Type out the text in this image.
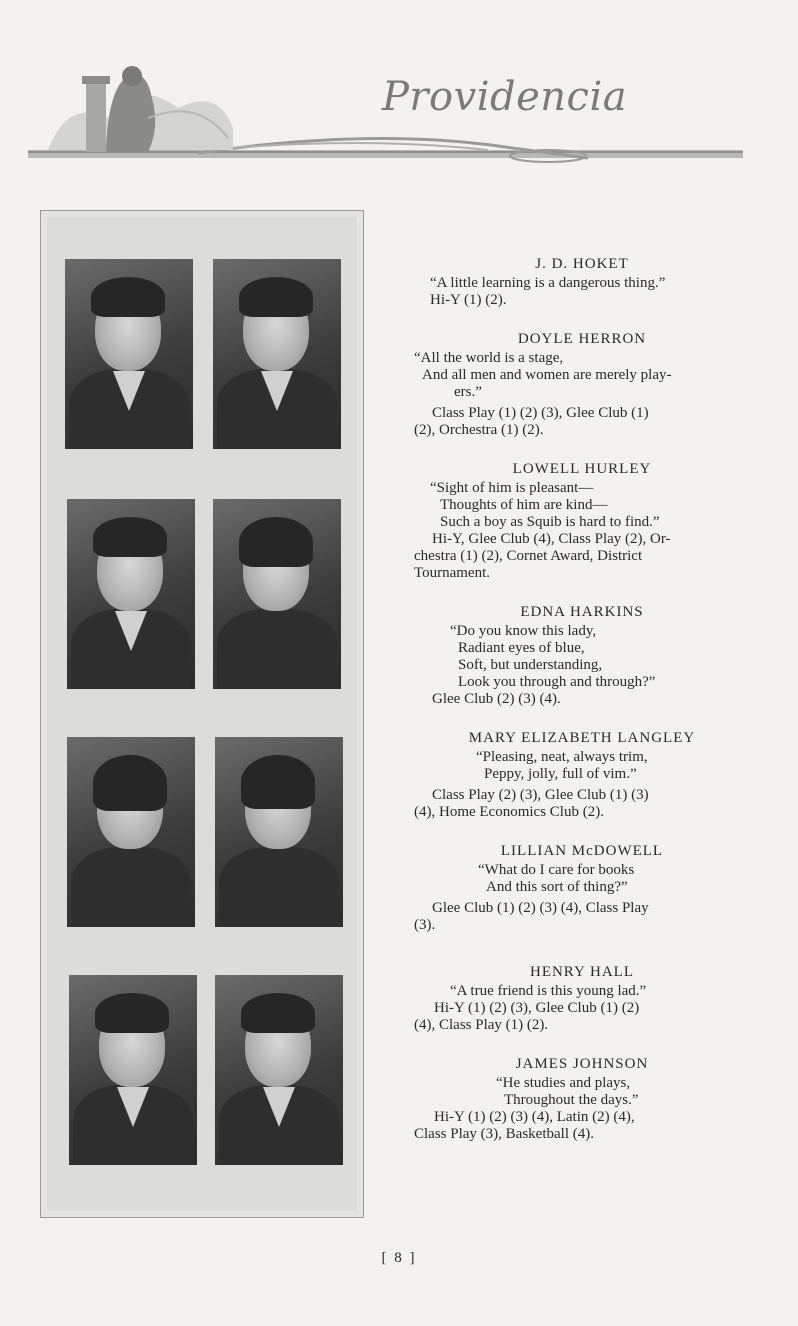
Providencia
J. D. HOKET
“A little learning is a dangerous thing.”
Hi-Y (1) (2).
DOYLE HERRON
“All the world is a stage,
And all men and women are merely play-
ers.”
Class Play (1) (2) (3), Glee Club (1)
(2), Orchestra (1) (2).
LOWELL HURLEY
“Sight of him is pleasant—
Thoughts of him are kind—
Such a boy as Squib is hard to find.”
Hi-Y, Glee Club (4), Class Play (2), Or-
chestra (1) (2), Cornet Award, District
Tournament.
EDNA HARKINS
“Do you know this lady,
Radiant eyes of blue,
Soft, but understanding,
Look you through and through?”
Glee Club (2) (3) (4).
MARY ELIZABETH LANGLEY
“Pleasing, neat, always trim,
Peppy, jolly, full of vim.”
Class Play (2) (3), Glee Club (1) (3)
(4), Home Economics Club (2).
LILLIAN McDOWELL
“What do I care for books
And this sort of thing?”
Glee Club (1) (2) (3) (4), Class Play
(3).
HENRY HALL
“A true friend is this young lad.”
Hi-Y (1) (2) (3), Glee Club (1) (2)
(4), Class Play (1) (2).
JAMES JOHNSON
“He studies and plays,
Throughout the days.”
Hi-Y (1) (2) (3) (4), Latin (2) (4),
Class Play (3), Basketball (4).
[ 8 ]
